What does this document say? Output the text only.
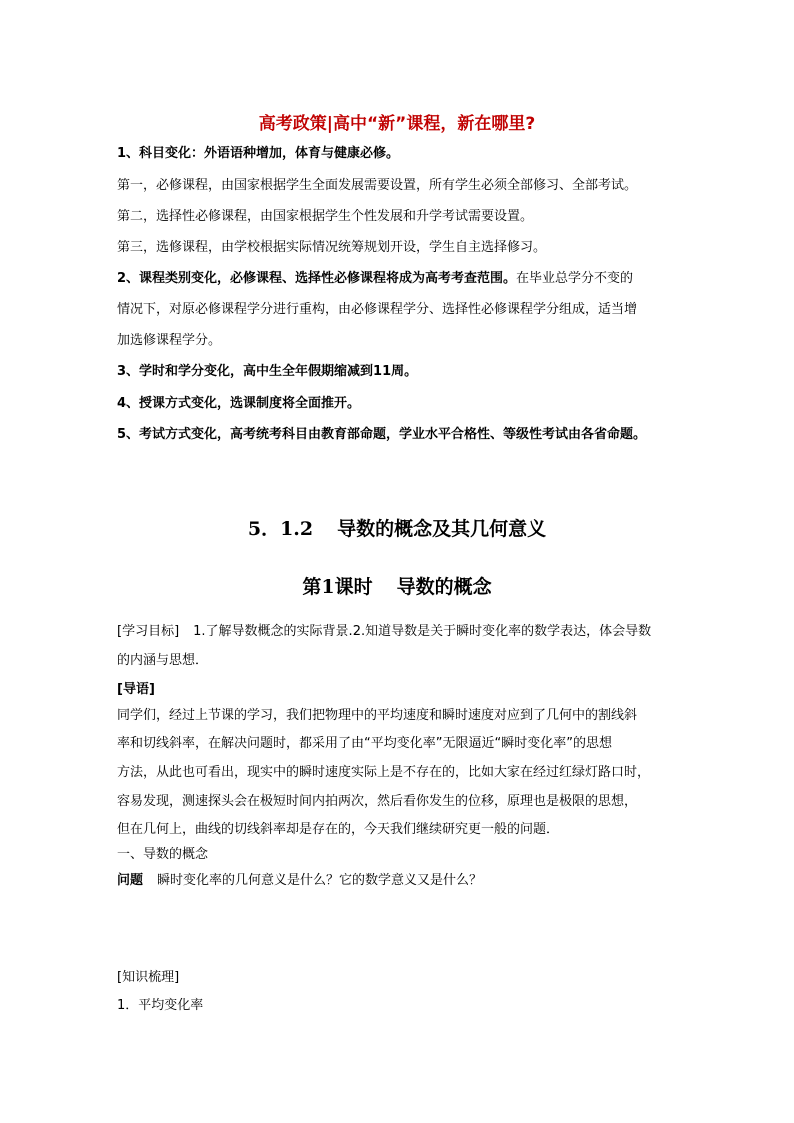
高考政策|高中“新”课程，新在哪里?
1、科目变化：外语语种增加，体育与健康必修。
第一，必修课程，由国家根据学生全面发展需要设置，所有学生必须全部修习、全部考试。
第二，选择性必修课程，由国家根据学生个性发展和升学考试需要设置。
第三，选修课程，由学校根据实际情况统筹规划开设，学生自主选择修习。
2、课程类别变化，必修课程、选择性必修课程将成为高考考查范围。在毕业总学分不变的
情况下，对原必修课程学分进行重构，由必修课程学分、选择性必修课程学分组成，适当增
加选修课程学分。
3、学时和学分变化，高中生全年假期缩减到11周。
4、授课方式变化，选课制度将全面推开。
5、考试方式变化，高考统考科目由教育部命题，学业水平合格性、等级性考试由各省命题。
5．1.2 导数的概念及其几何意义
第1课时 导数的概念
[学习目标] 1.了解导数概念的实际背景.2.知道导数是关于瞬时变化率的数学表达，体会导数
的内涵与思想．
[导语]
同学们，经过上节课的学习，我们把物理中的平均速度和瞬时速度对应到了几何中的割线斜
率和切线斜率，在解决问题时，都采用了由“平均变化率”无限逼近“瞬时变化率”的思想
方法，从此也可看出，现实中的瞬时速度实际上是不存在的，比如大家在经过红绿灯路口时，
容易发现，测速探头会在极短时间内拍两次，然后看你发生的位移，原理也是极限的思想，
但在几何上，曲线的切线斜率却是存在的，今天我们继续研究更一般的问题．
一、导数的概念
问题 瞬时变化率的几何意义是什么？它的数学意义又是什么？
[知识梳理]
1．平均变化率
